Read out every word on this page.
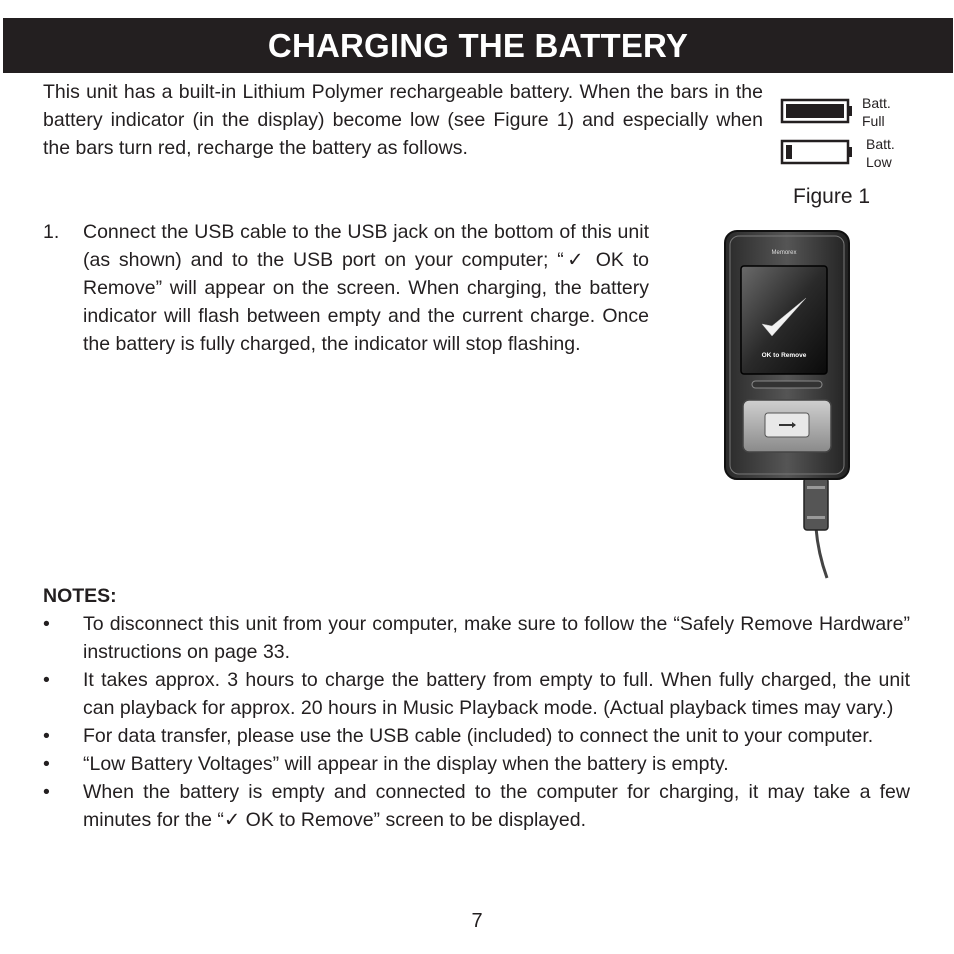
CHARGING THE BATTERY

This unit has a built-in Lithium Polymer rechargeable battery. When the bars in the battery indicator (in the display) become low (see Figure 1) and especially when the bars turn red, recharge the battery as follows.

Batt.
Full
Batt.
Low
Figure 1
1. Connect the USB cable to the USB jack on the bottom of this unit (as shown) and to the USB port on your computer; “✓ OK to Remove” will appear on the screen. When charging, the battery indicator will flash between empty and the current charge. Once the battery is fully charged, the indicator will stop flashing.

Memorex
OK to Remove

NOTES:

• To disconnect this unit from your computer, make sure to follow the “Safely Remove Hardware” instructions on page 33.
• It takes approx. 3 hours to charge the battery from empty to full. When fully charged, the unit can playback for approx. 20 hours in Music Playback mode. (Actual playback times may vary.)
• For data transfer, please use the USB cable (included) to connect the unit to your computer.
• “Low Battery Voltages” will appear in the display when the battery is empty.
• When the battery is empty and connected to the computer for charging, it may take a few minutes for the “✓ OK to Remove” screen to be displayed.
7
